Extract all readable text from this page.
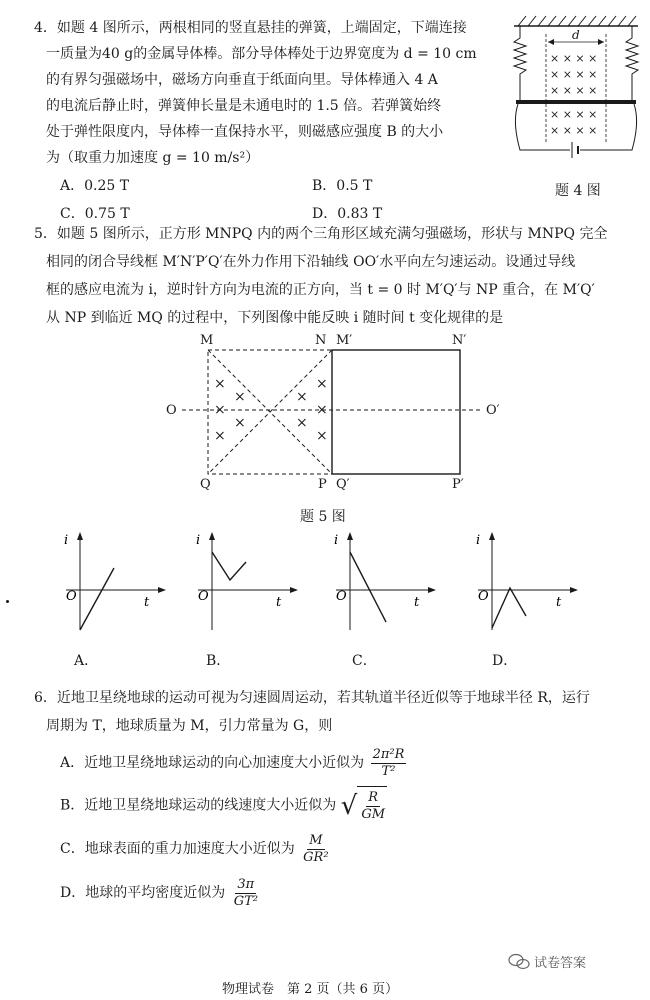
4．如题 4 图所示，两根相同的竖直悬挂的弹簧，上端固定，下端连接
一质量为40 g的金属导体棒。部分导体棒处于边界宽度为 d = 10 cm
的有界匀强磁场中，磁场方向垂直于纸面向里。导体棒通入 4 A
的电流后静止时，弹簧伸长量是未通电时的 1.5 倍。若弹簧始终
处于弹性限度内，导体棒一直保持水平，则磁感应强度 B 的大小
为（取重力加速度 g = 10 m/s²）
A．0.25 T	B．0.5 T
C．0.75 T	D．0.83 T
d
× × × ×
× × × ×
× × × ×
× × × ×
× × × ×
题 4 图
5．如题 5 图所示，正方形 MNPQ 内的两个三角形区域充满匀强磁场，形状与 MNPQ 完全
相同的闭合导线框 M′N′P′Q′在外力作用下沿轴线 OO′水平向左匀速运动。设通过导线
框的感应电流为 i，逆时针方向为电流的正方向，当 t = 0 时 M′Q′与 NP 重合，在 M′Q′
从 NP 到临近 MQ 的过程中，下列图像中能反映 i 随时间 t 变化规律的是
M	N M′	N′
Q	P Q′	P′
O	O′
×
×
×
×
×
×
×
×
×
×
题 5 图
i
t
O
A．
i
t
O
B．
i
t
O
C．
i
t
O
D．
6．近地卫星绕地球的运动可视为匀速圆周运动，若其轨道半径近似等于地球半径 R，运行
周期为 T，地球质量为 M，引力常量为 G，则
A．近地卫星绕地球运动的向心加速度大小近似为 $\frac{\text{2π²R}}{\text{T²}}$
B．近地卫星绕地球运动的线速度大小近似为 √ $\frac{R}{GM}$
C．地球表面的重力加速度大小近似为 $\frac{M}{\text{GR²}}$
D．地球的平均密度近似为 $\frac{3\pi}{\text{GT²}}$
试卷答案
物理试卷　第 2 页（共 6 页）
